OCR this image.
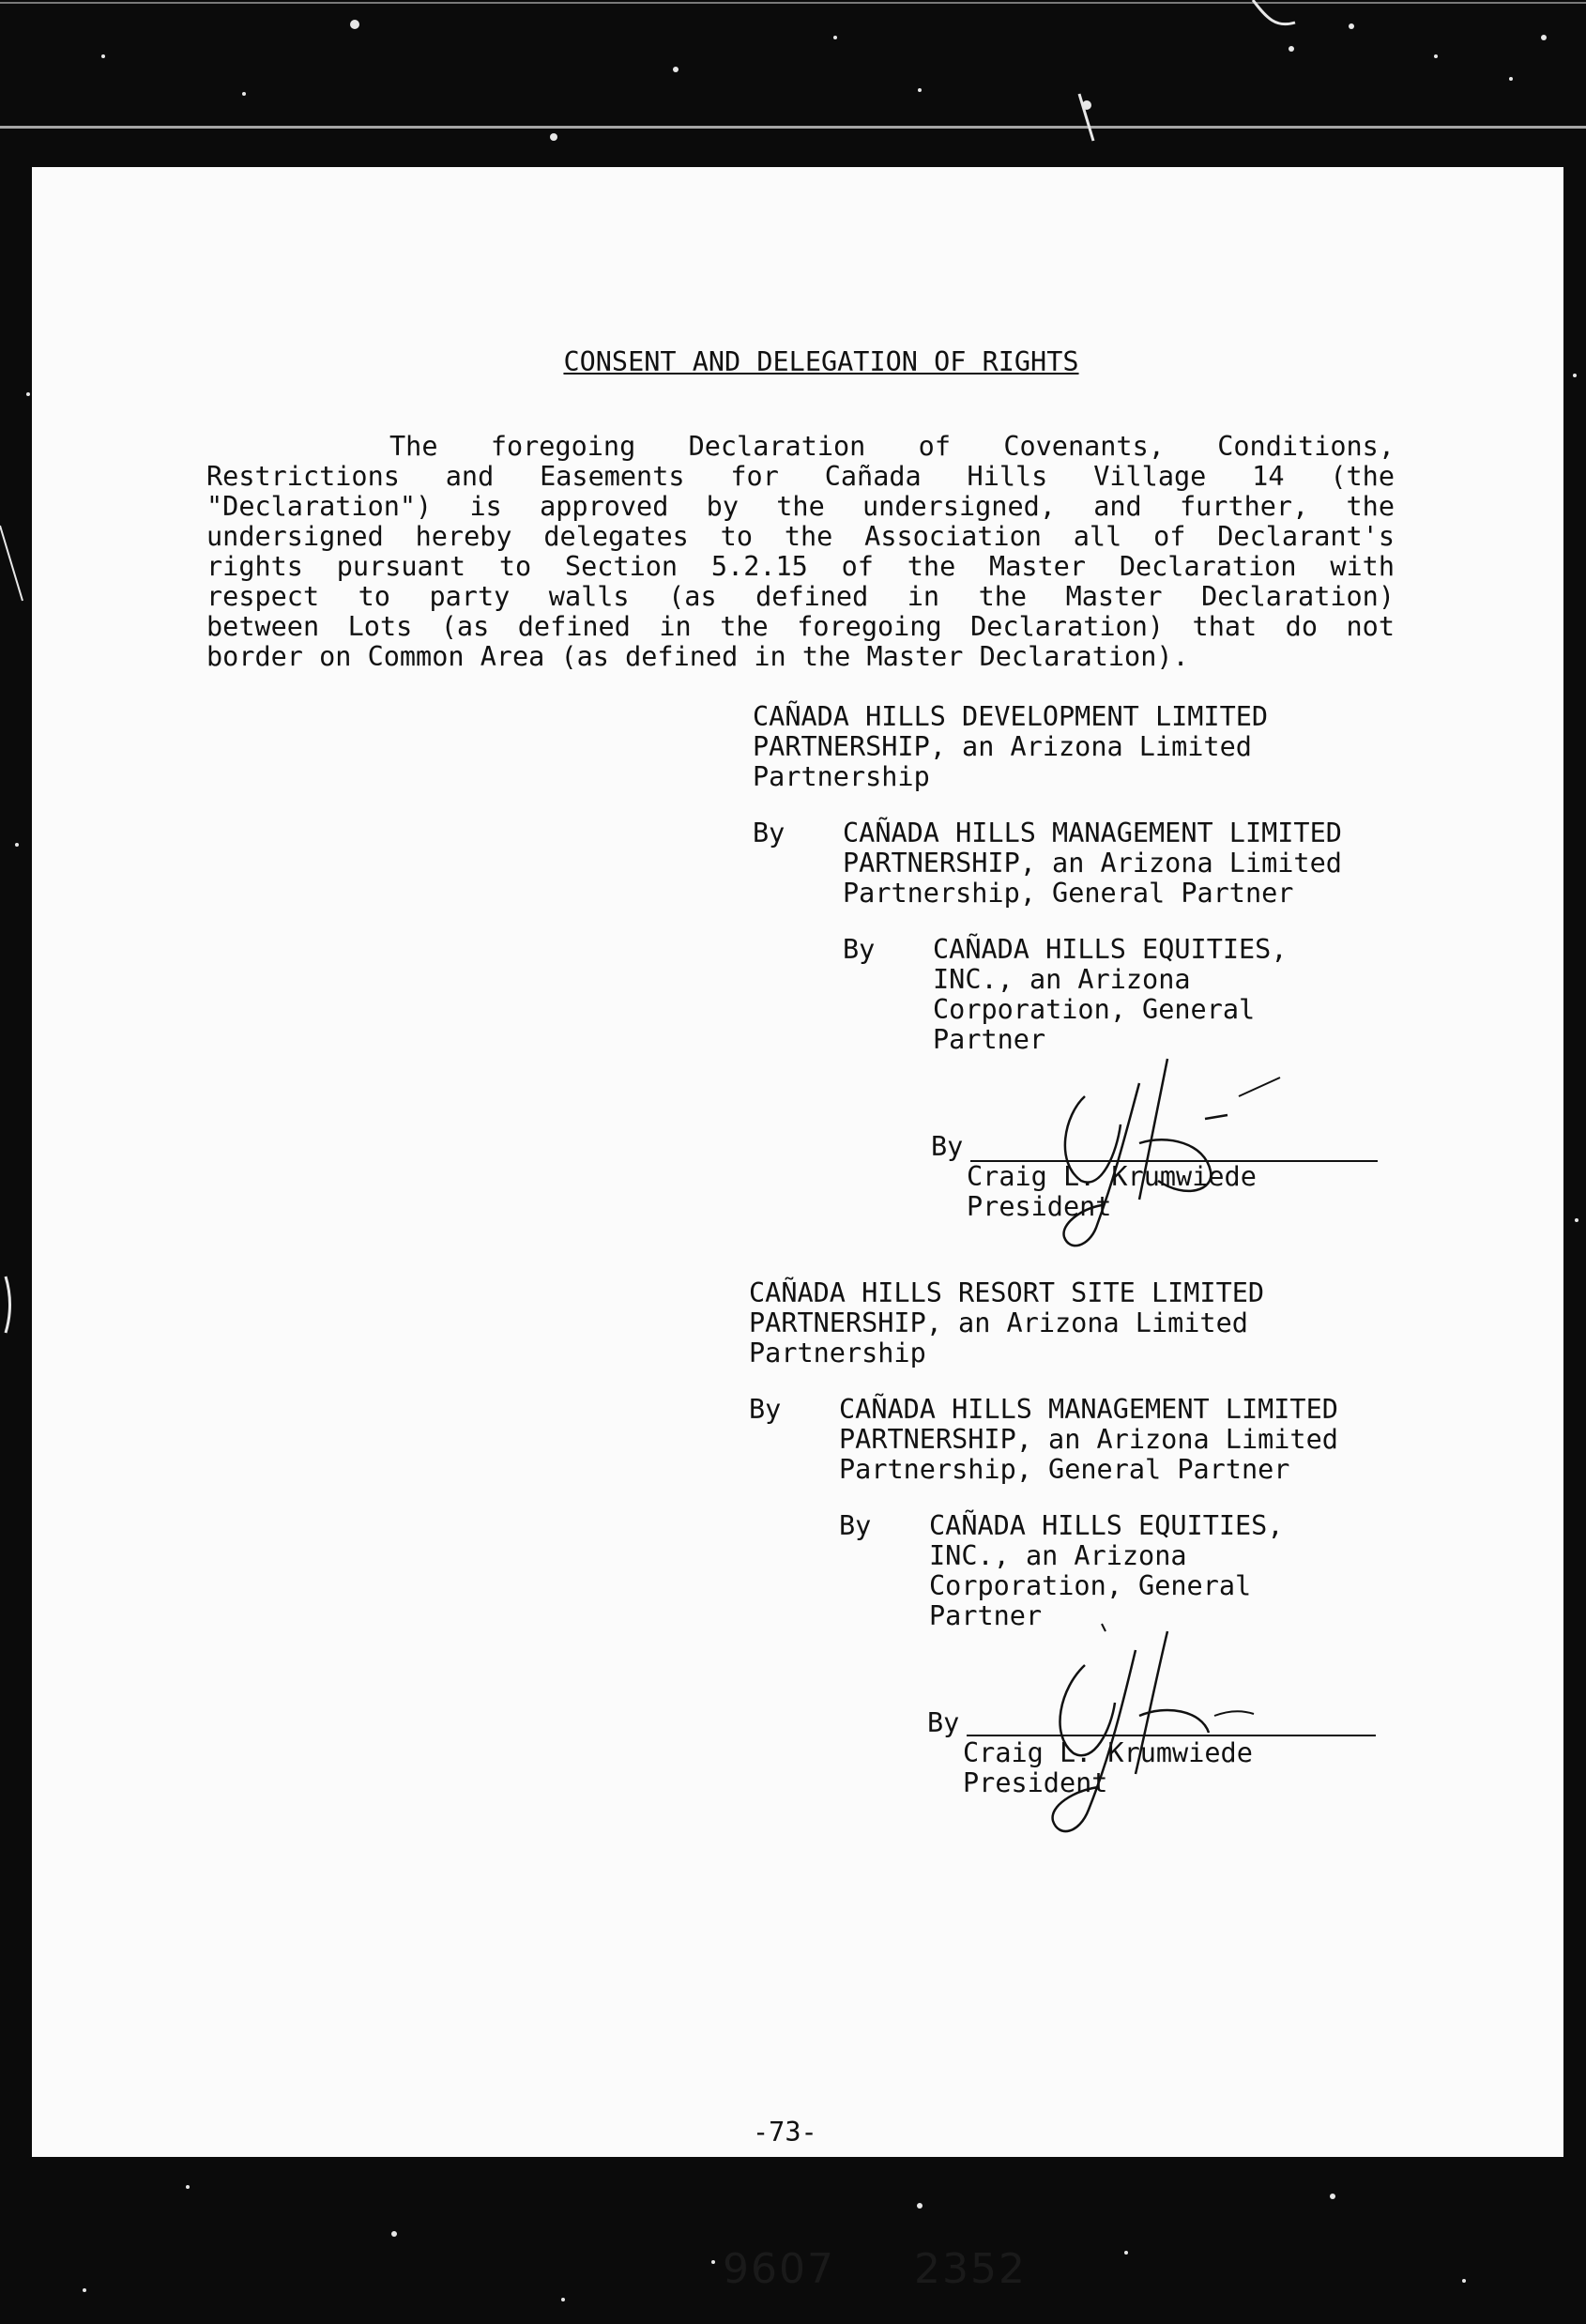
CONSENT AND DELEGATION OF RIGHTS

The foregoing Declaration of Covenants, Conditions,
Restrictions and Easements for Cañada Hills Village 14 (the
"Declaration") is approved by the undersigned, and further, the
undersigned hereby delegates to the Association all of Declarant's
rights pursuant to Section 5.2.15 of the Master Declaration with
respect to party walls (as defined in the Master Declaration)
between Lots (as defined in the foregoing Declaration) that do not
border on Common Area (as defined in the Master Declaration).

CAÑADA HILLS DEVELOPMENT LIMITED
PARTNERSHIP, an Arizona Limited
Partnership
By CAÑADA HILLS MANAGEMENT LIMITED
PARTNERSHIP, an Arizona Limited
Partnership, General Partner
By CAÑADA HILLS EQUITIES,
INC., an Arizona
Corporation, General
Partner
By
Craig L. Krumwiede
President
CAÑADA HILLS RESORT SITE LIMITED
PARTNERSHIP, an Arizona Limited
Partnership
By CAÑADA HILLS MANAGEMENT LIMITED
PARTNERSHIP, an Arizona Limited
Partnership, General Partner
By CAÑADA HILLS EQUITIES,
INC., an Arizona
Corporation, General
Partner
By
Craig L. Krumwiede
President
-73-
9607 2352
